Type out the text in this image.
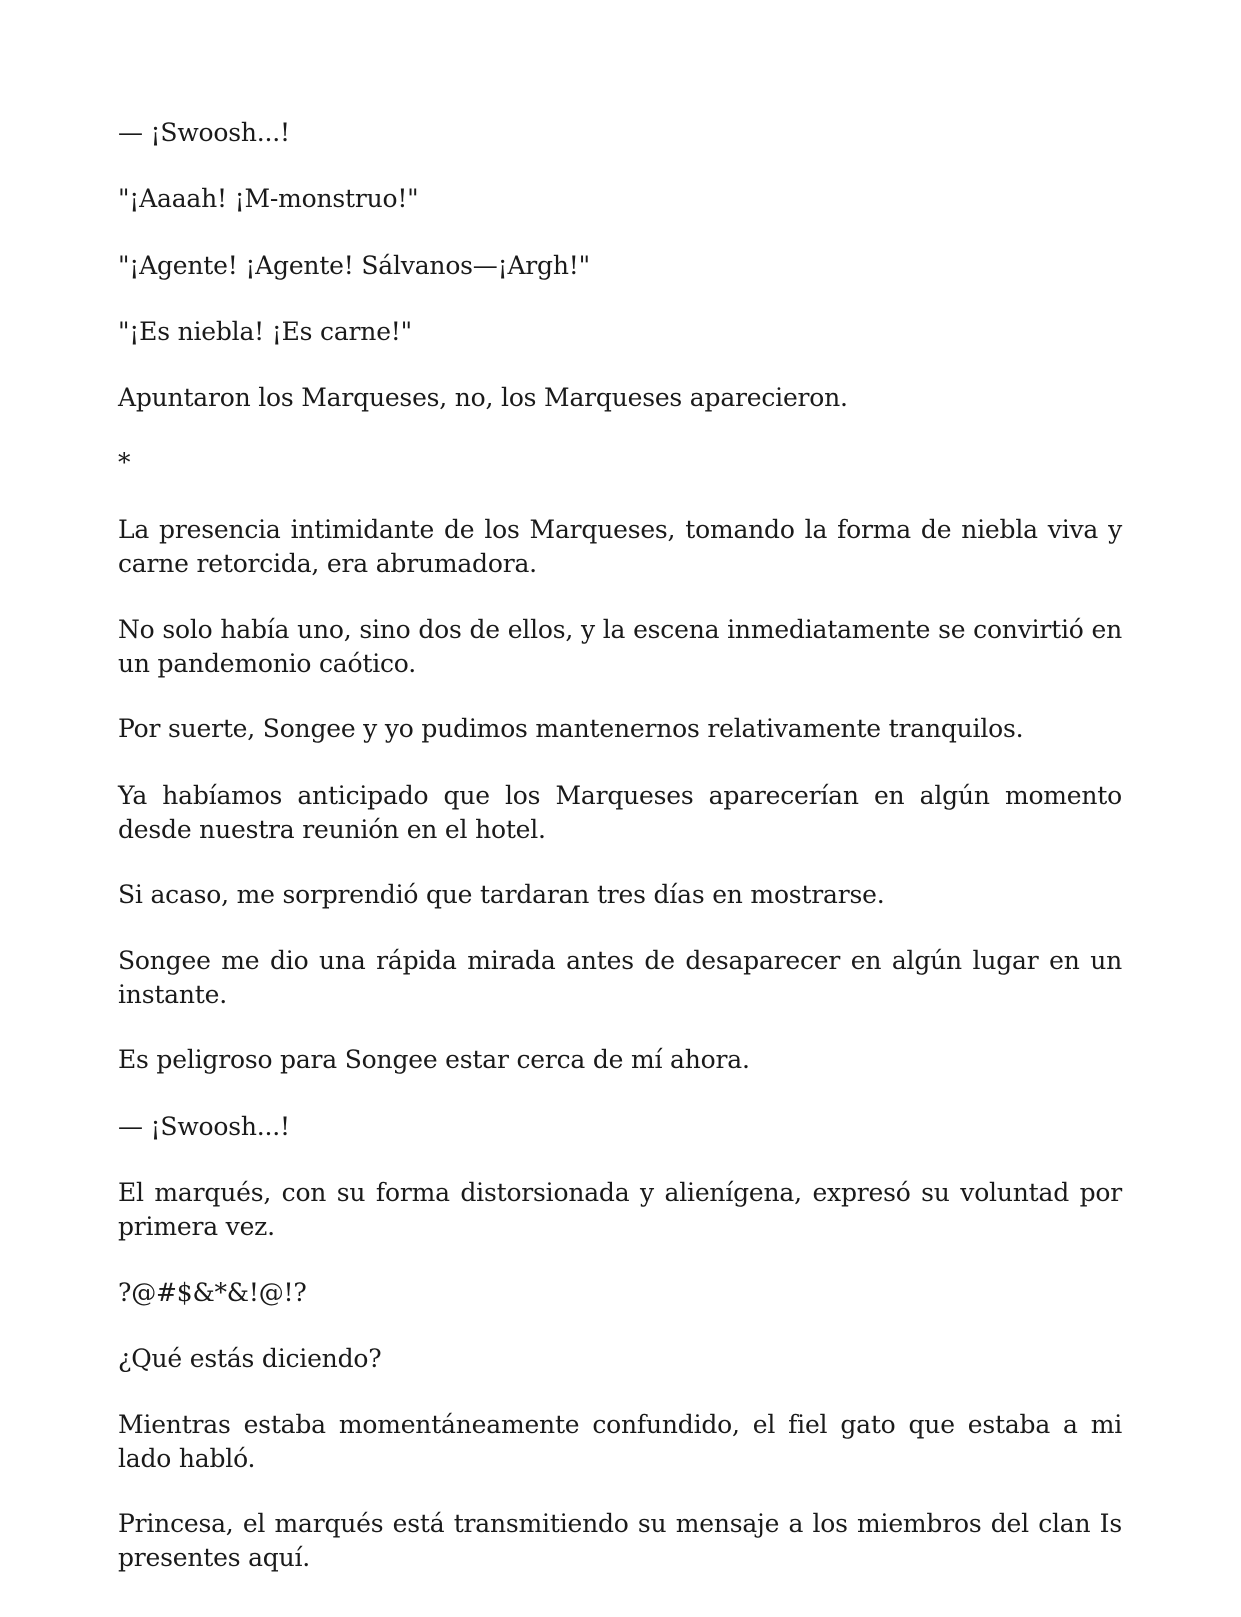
— ¡Swoosh...!

"¡Aaaah! ¡M-monstruo!"

"¡Agente! ¡Agente! Sálvanos—¡Argh!"

"¡Es niebla! ¡Es carne!"

Apuntaron los Marqueses, no, los Marqueses aparecieron.

*

La presencia intimidante de los Marqueses, tomando la forma de niebla viva y carne retorcida, era abrumadora.

No solo había uno, sino dos de ellos, y la escena inmediatamente se convirtió en un pandemonio caótico.

Por suerte, Songee y yo pudimos mantenernos relativamente tranquilos.

Ya habíamos anticipado que los Marqueses aparecerían en algún momento desde nuestra reunión en el hotel.

Si acaso, me sorprendió que tardaran tres días en mostrarse.

Songee me dio una rápida mirada antes de desaparecer en algún lugar en un instante.

Es peligroso para Songee estar cerca de mí ahora.

— ¡Swoosh...!

El marqués, con su forma distorsionada y alienígena, expresó su voluntad por primera vez.

?@#$&*&!@!?

¿Qué estás diciendo?

Mientras estaba momentáneamente confundido, el fiel gato que estaba a mi lado habló.

Princesa, el marqués está transmitiendo su mensaje a los miembros del clan Is presentes aquí.
